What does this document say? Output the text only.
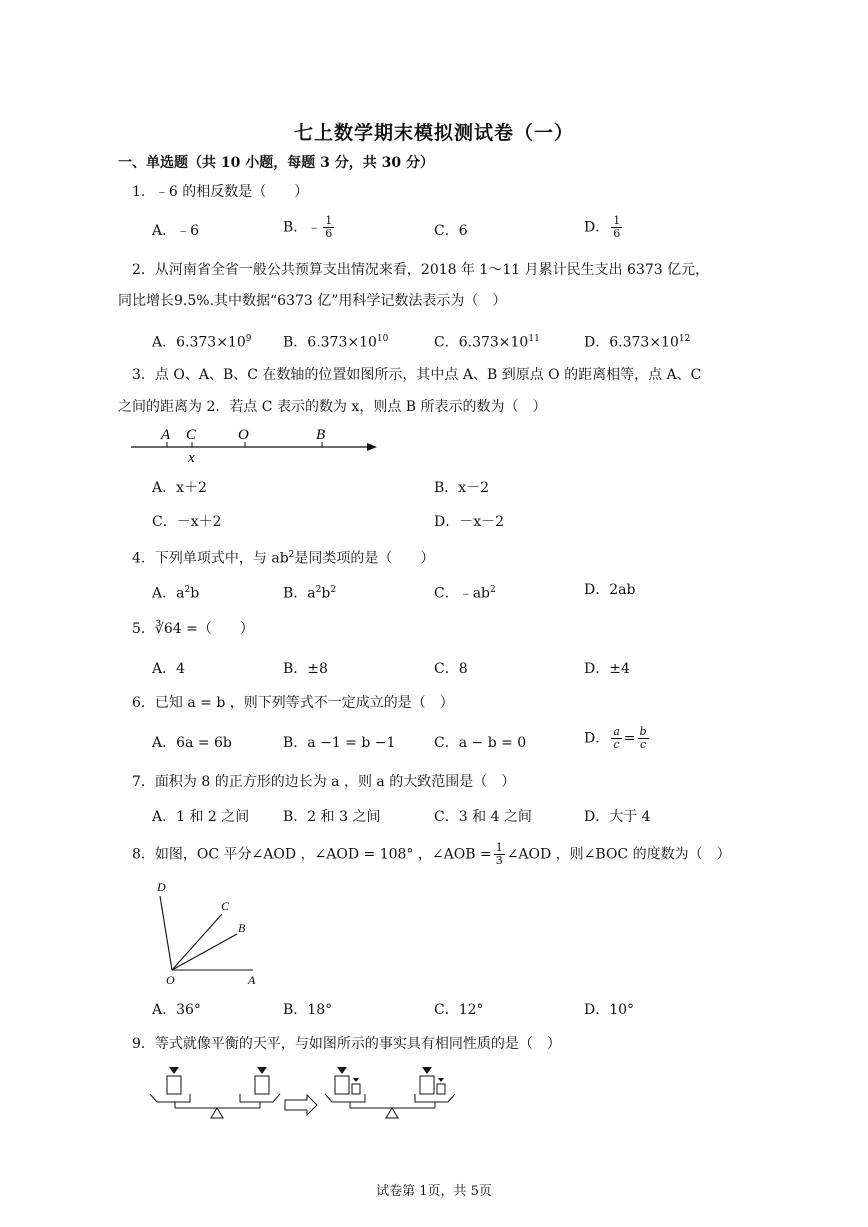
七上数学期末模拟测试卷（一）
一、单选题（共 10 小题，每题 3 分，共 30 分）
1．﹣6 的相反数是（　　）
A．﹣6	B．﹣ $\frac{1}{6}$	C．6	D． $\frac{1}{6}$
2．从河南省全省一般公共预算支出情况来看，2018 年 1～11 月累计民生支出 6373 亿元，
同比增长9.5%.其中数据“6373 亿”用科学记数法表示为（　）
A．$6.373\times 10^9$ B．$6.373\times 10^{10}$	C．$6.373\times 10^{11}$	D．$6.373\times 10^{12}$
3．点 O、A、B、C 在数轴的位置如图所示，其中点 A、B 到原点 O 的距离相等，点 A、C
之间的距离为 2．若点 C 表示的数为 x，则点 B 所表示的数为（　）
A C	O	B
x
A．x＋2	B．x－2
C．－x＋2	D．－x－2
4．下列单项式中，与 $ab^2$是同类项的是（　　）
A．$a^2b$	B．$a^2b^2$	C．$﹣ab^2$	D．2ab
5．∛64 =（　　）
A．4	B．±8	C．8	D．±4
6．已知 a = b ，则下列等式不一定成立的是（　）
A．6a = 6b	B．a −1 = b −1	C．a − b = 0	D． $\frac{a}{c} = \frac{b}{c}$
7．面积为 8 的正方形的边长为 a ，则 a 的大致范围是（　）
A．1 和 2 之间 B．2 和 3 之间	C．3 和 4 之间	D．大于 4
8．如图，OC 平分∠AOD ，∠AOD = 108° ，∠AOB = $\frac{1}{3}$ ∠AOD ，则∠BOC 的度数为（　）
D
C
B
O	A
A．36°	B．18°	C．12°	D．10°
9．等式就像平衡的天平，与如图所示的事实具有相同性质的是（　）
试卷第 1页，共 5页
